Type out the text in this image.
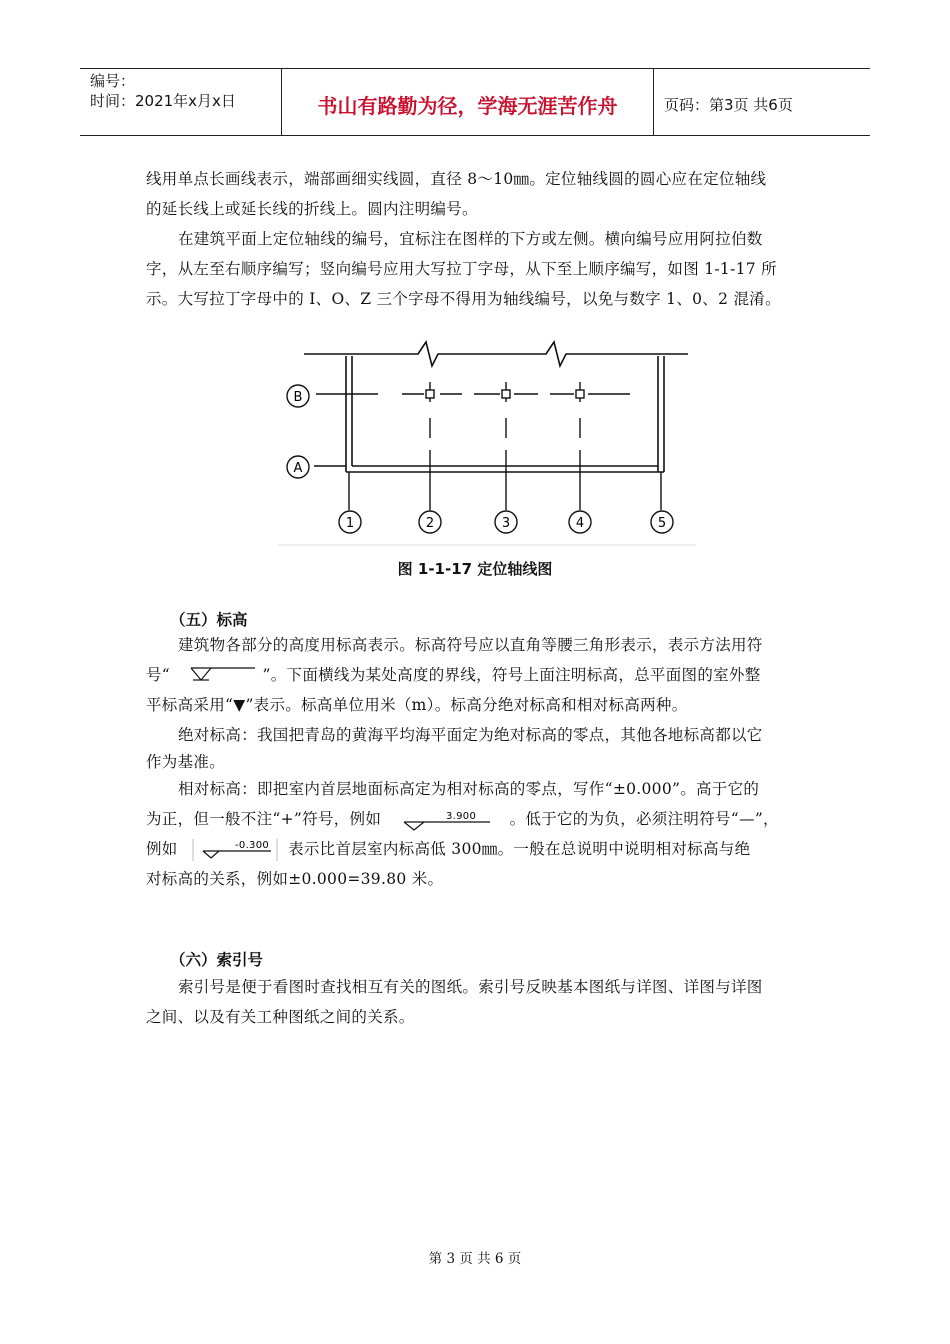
编号：
时间：2021年x月x日	书山有路勤为径，学海无涯苦作舟	页码：第3页 共6页
线用单点长画线表示，端部画细实线圆，直径 8～10㎜。定位轴线圆的圆心应在定位轴线
的延长线上或延长线的折线上。圆内注明编号。
在建筑平面上定位轴线的编号，宜标注在图样的下方或左侧。横向编号应用阿拉伯数
字，从左至右顺序编写；竖向编号应用大写拉丁字母，从下至上顺序编写，如图 1-1-17 所
示。大写拉丁字母中的 I、O、Z 三个字母不得用为轴线编号，以免与数字 1、0、2 混淆。
B
A
1	2	3	4	5
图 1-1-17 定位轴线图
（五）标高
建筑物各部分的高度用标高表示。标高符号应以直角等腰三角形表示，表示方法用符
号“	”。下面横线为某处高度的界线，符号上面注明标高，总平面图的室外整
平标高采用“▼”表示。标高单位用米（m）。标高分绝对标高和相对标高两种。
绝对标高：我国把青岛的黄海平均海平面定为绝对标高的零点，其他各地标高都以它
作为基准。
相对标高：即把室内首层地面标高定为相对标高的零点，写作“±0.000”。高于它的
为正，但一般不注“+”符号，例如	3.900 。低于它的为负，必须注明符号“—”，
例如	-0.300 表示比首层室内标高低 300㎜。一般在总说明中说明相对标高与绝
对标高的关系，例如±0.000=39.80 米。
（六）索引号
索引号是便于看图时查找相互有关的图纸。索引号反映基本图纸与详图、详图与详图
之间、以及有关工种图纸之间的关系。
第 3 页 共 6 页
